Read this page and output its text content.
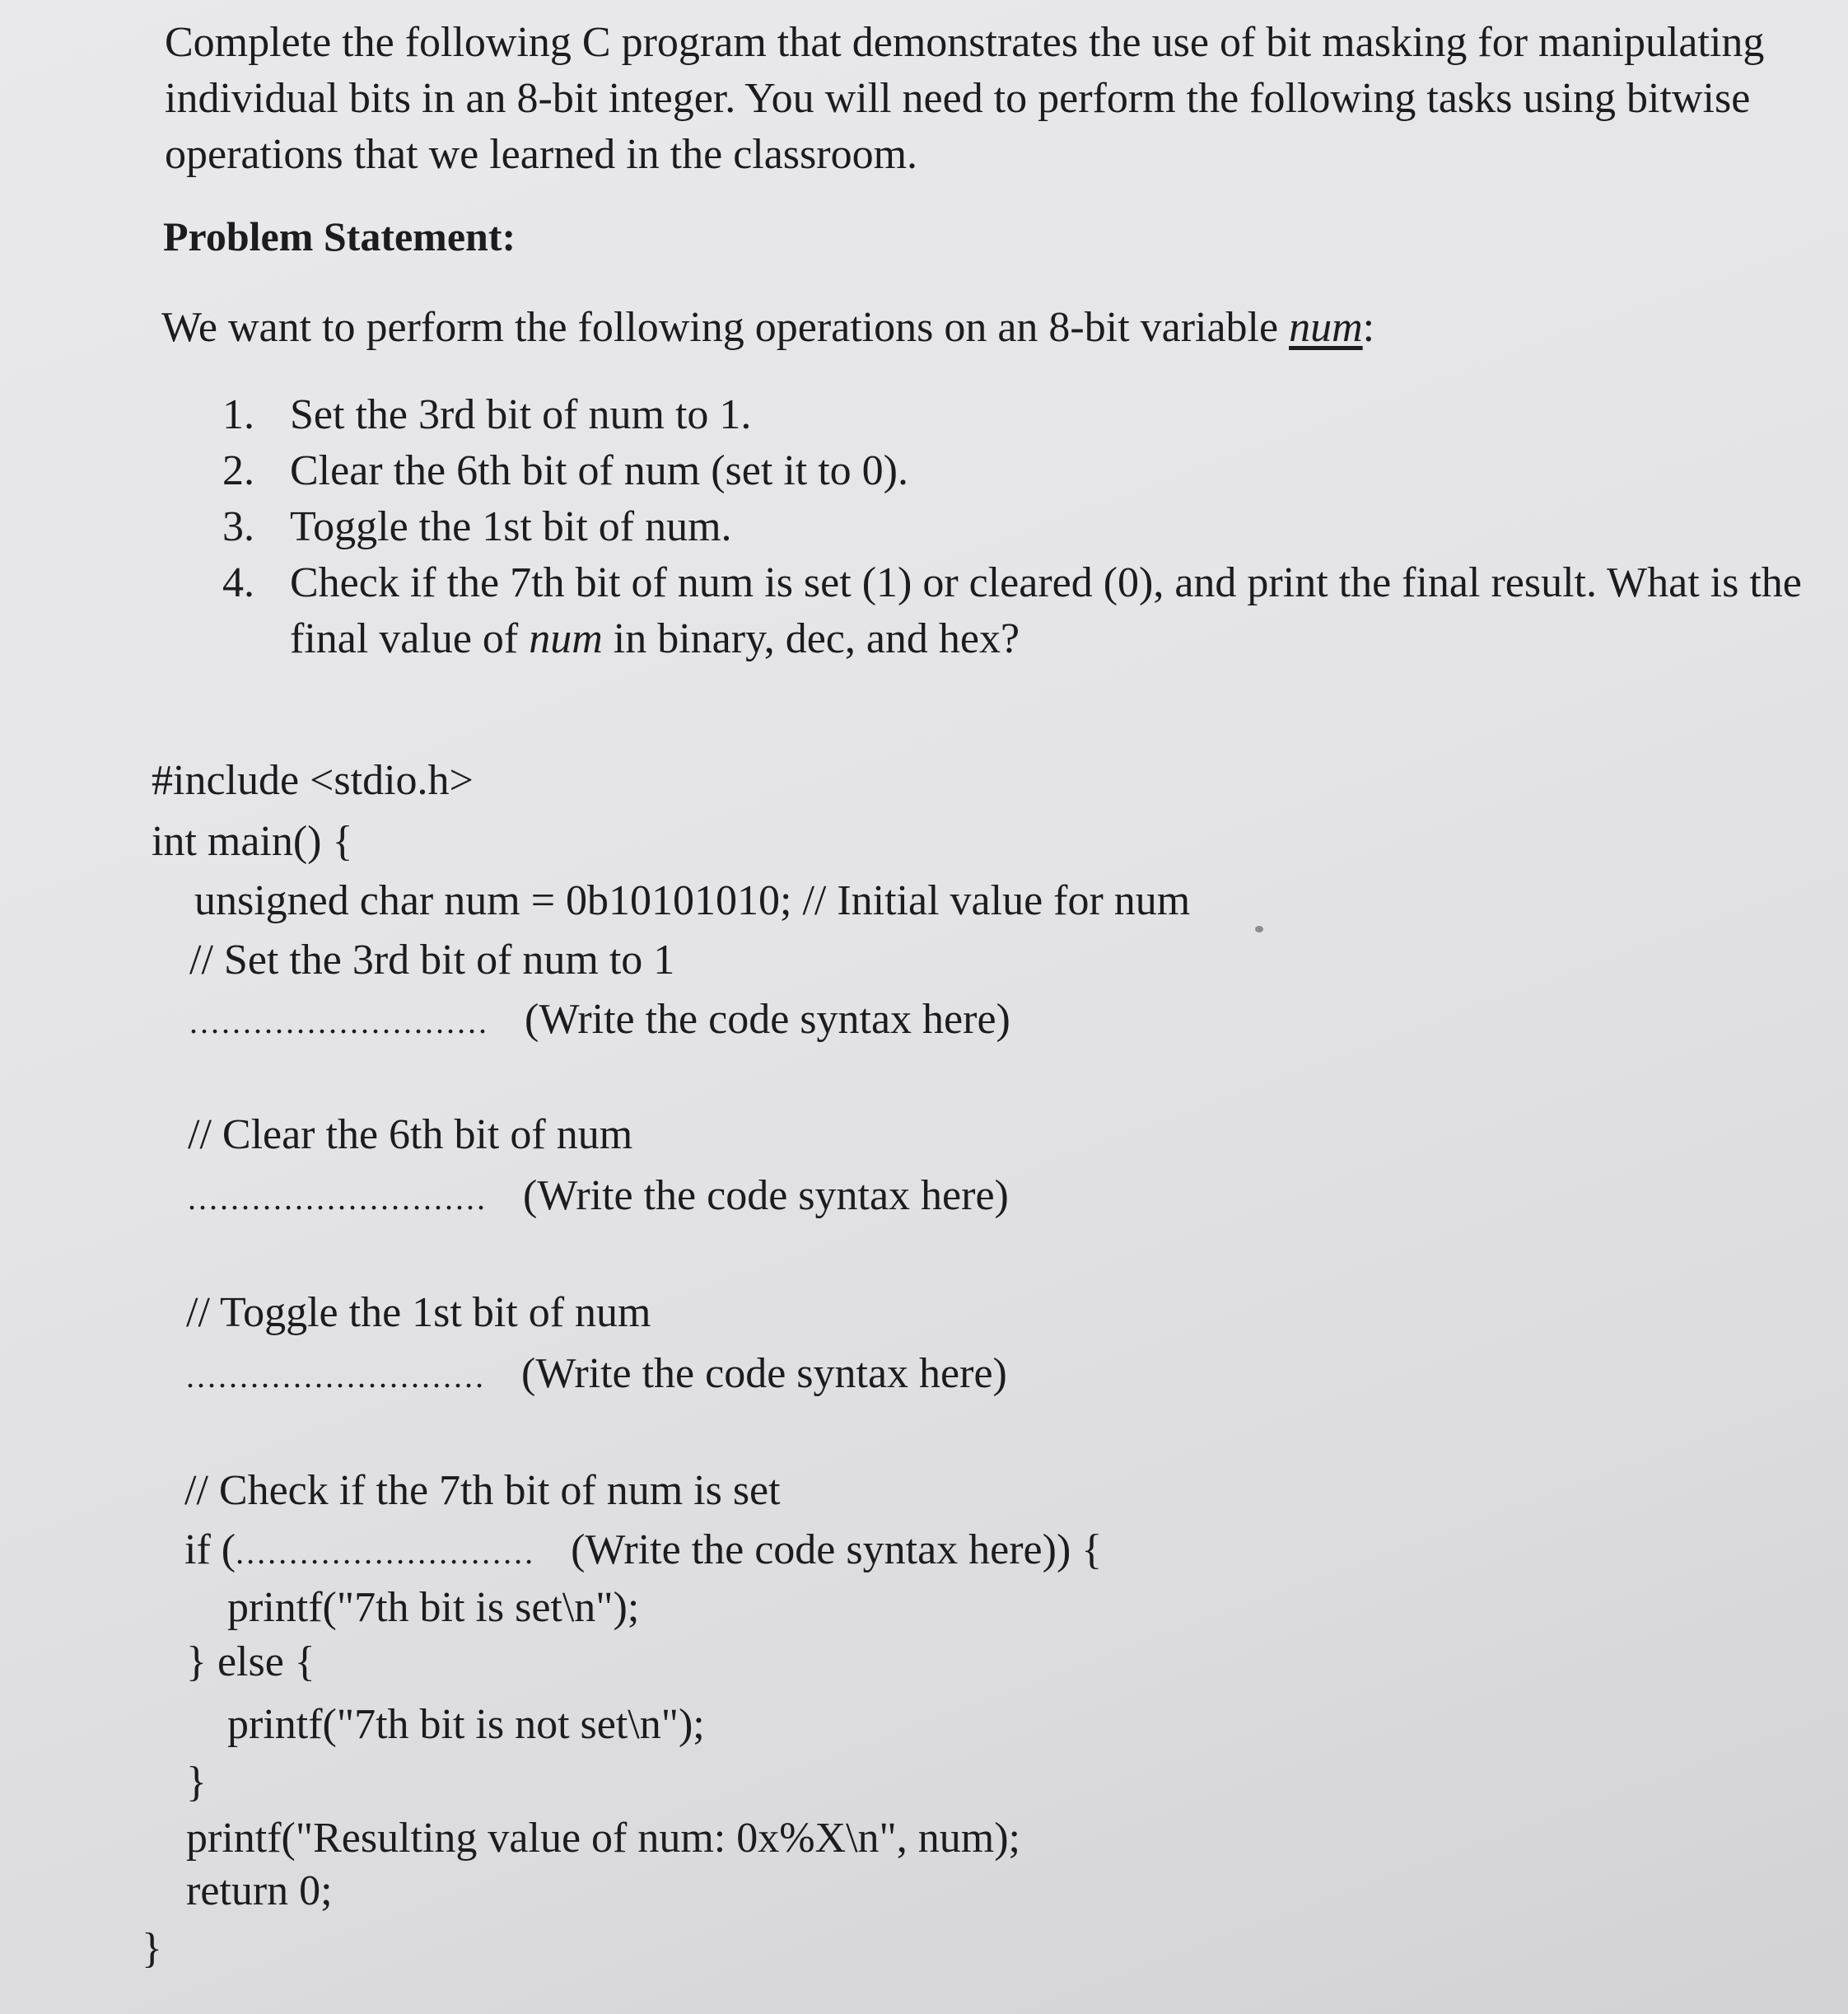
Complete the following C program that demonstrates the use of bit masking for manipulating
individual bits in an 8-bit integer. You will need to perform the following tasks using bitwise
operations that we learned in the classroom.

Problem Statement:

We want to perform the following operations on an 8-bit variable num:

1. Set the 3rd bit of num to 1.
2. Clear the 6th bit of num (set it to 0).
3. Toggle the 1st bit of num.
4. Check if the 7th bit of num is set (1) or cleared (0), and print the final result. What is the
final value of num in binary, dec, and hex?
#include <stdio.h>
int main() {
unsigned char num = 0b10101010; // Initial value for num
// Set the 3rd bit of num to 1
............................ (Write the code syntax here)
// Clear the 6th bit of num
............................ (Write the code syntax here)
// Toggle the 1st bit of num
............................ (Write the code syntax here)
// Check if the 7th bit of num is set
if (............................ (Write the code syntax here)) {
printf("7th bit is set\n");
} else {
printf("7th bit is not set\n");
}
printf("Resulting value of num: 0x%X\n", num);
return 0;
}
